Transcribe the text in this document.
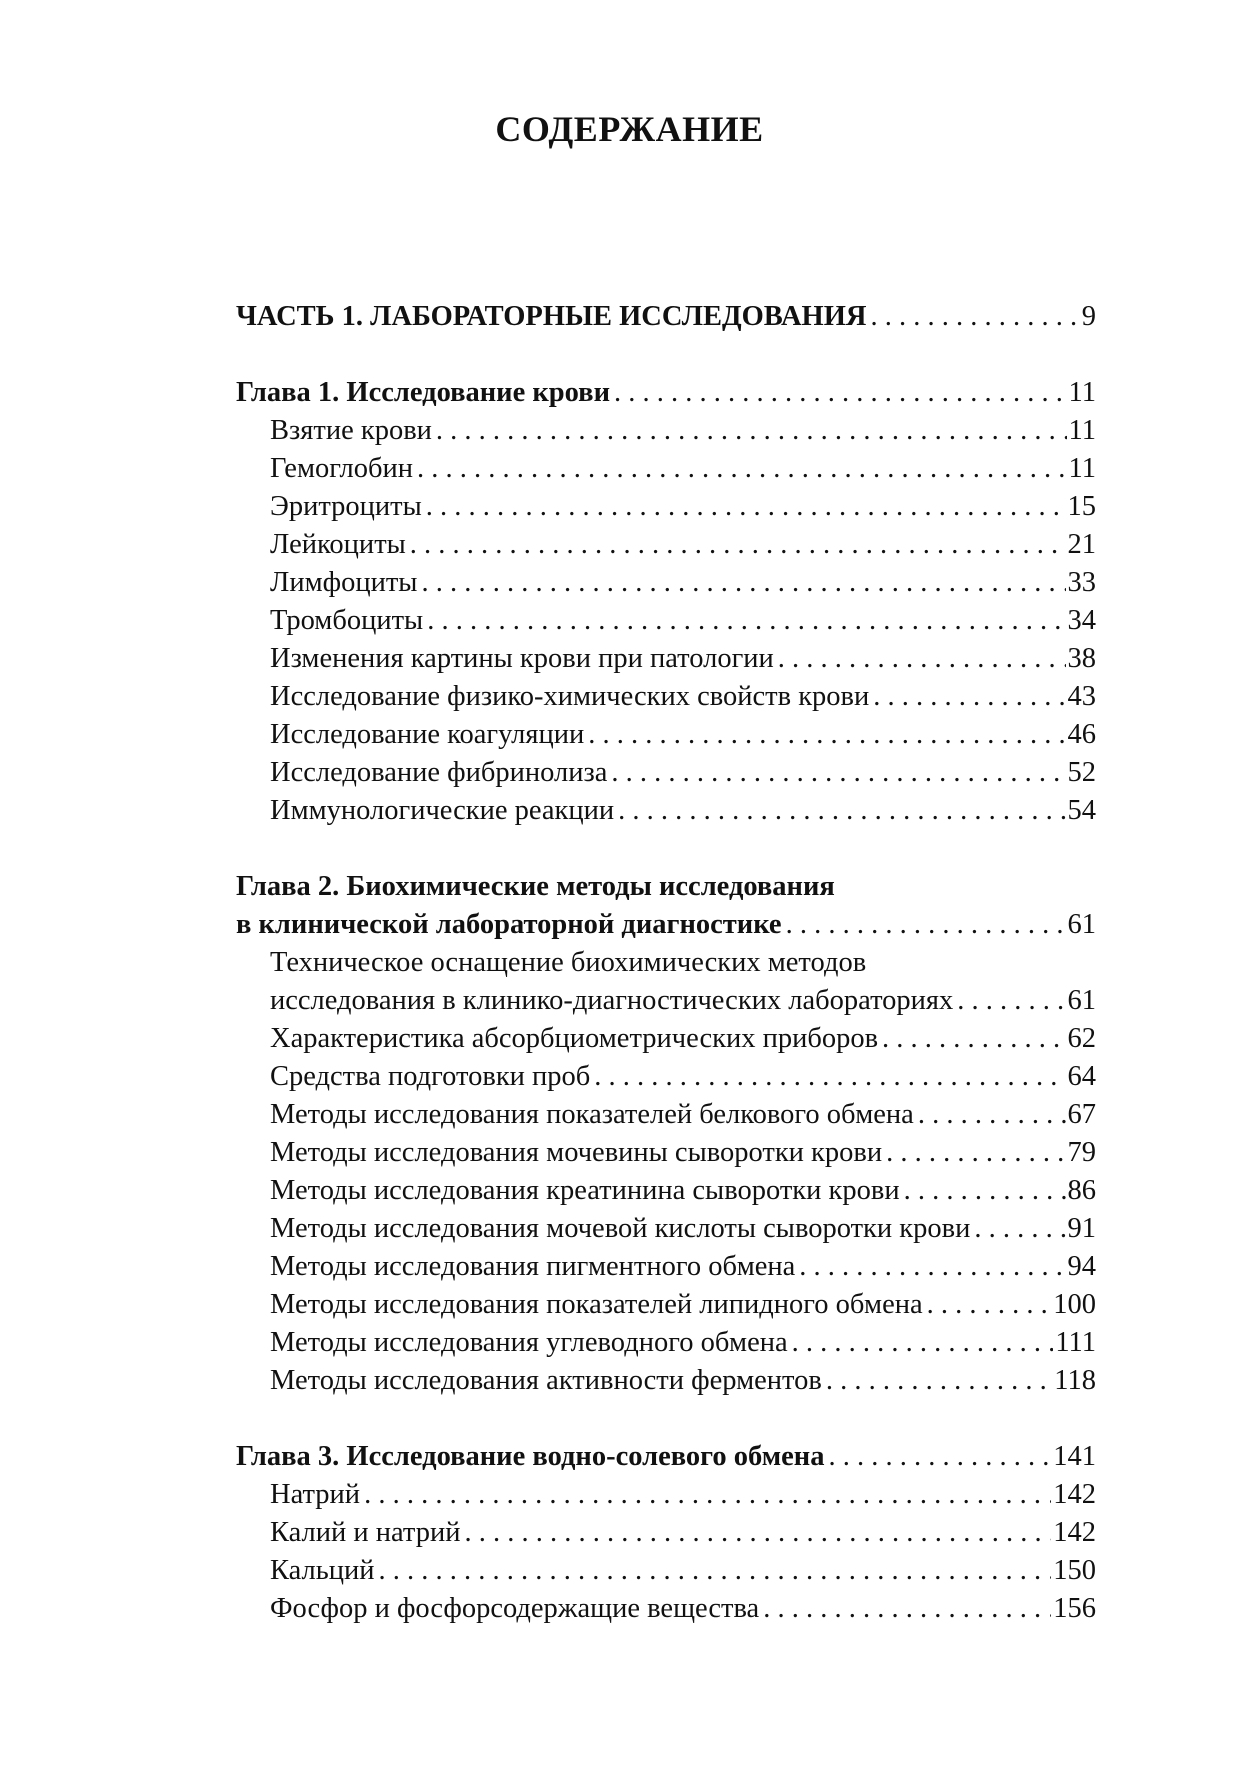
СОДЕРЖАНИЕ
ЧАСТЬ 1. ЛАБОРАТОРНЫЕ ИССЛЕДОВАНИЯ . . .	9
Глава 1. Исследование крови . . .	11
Взятие крови . . .	11
Гемоглобин . . .	11
Эритроциты . . .	15
Лейкоциты . . .	21
Лимфоциты . . .	33
Тромбоциты . . .	34
Изменения картины крови при патологии . . .	38
Исследование физико-химических свойств крови . . .	43
Исследование коагуляции . . .	46
Исследование фибринолиза . . .	52
Иммунологические реакции . . .	54
Глава 2. Биохимические методы исследования
в клинической лабораторной диагностике . . .	61
Техническое оснащение биохимических методов
исследования в клинико-диагностических лабораториях . . .	61
Характеристика абсорбциометрических приборов . . .	62
Средства подготовки проб . . .	64
Методы исследования показателей белкового обмена . . .	67
Методы исследования мочевины сыворотки крови . . .	79
Методы исследования креатинина сыворотки крови . . .	86
Методы исследования мочевой кислоты сыворотки крови . . .	91
Методы исследования пигментного обмена . . .	94
Методы исследования показателей липидного обмена . . .	100
Методы исследования углеводного обмена . . .	111
Методы исследования активности ферментов . . .	118
Глава 3. Исследование водно-солевого обмена . . .	141
Натрий . . .	142
Калий и натрий . . .	142
Кальций . . .	150
Фосфор и фосфорсодержащие вещества . . .	156
